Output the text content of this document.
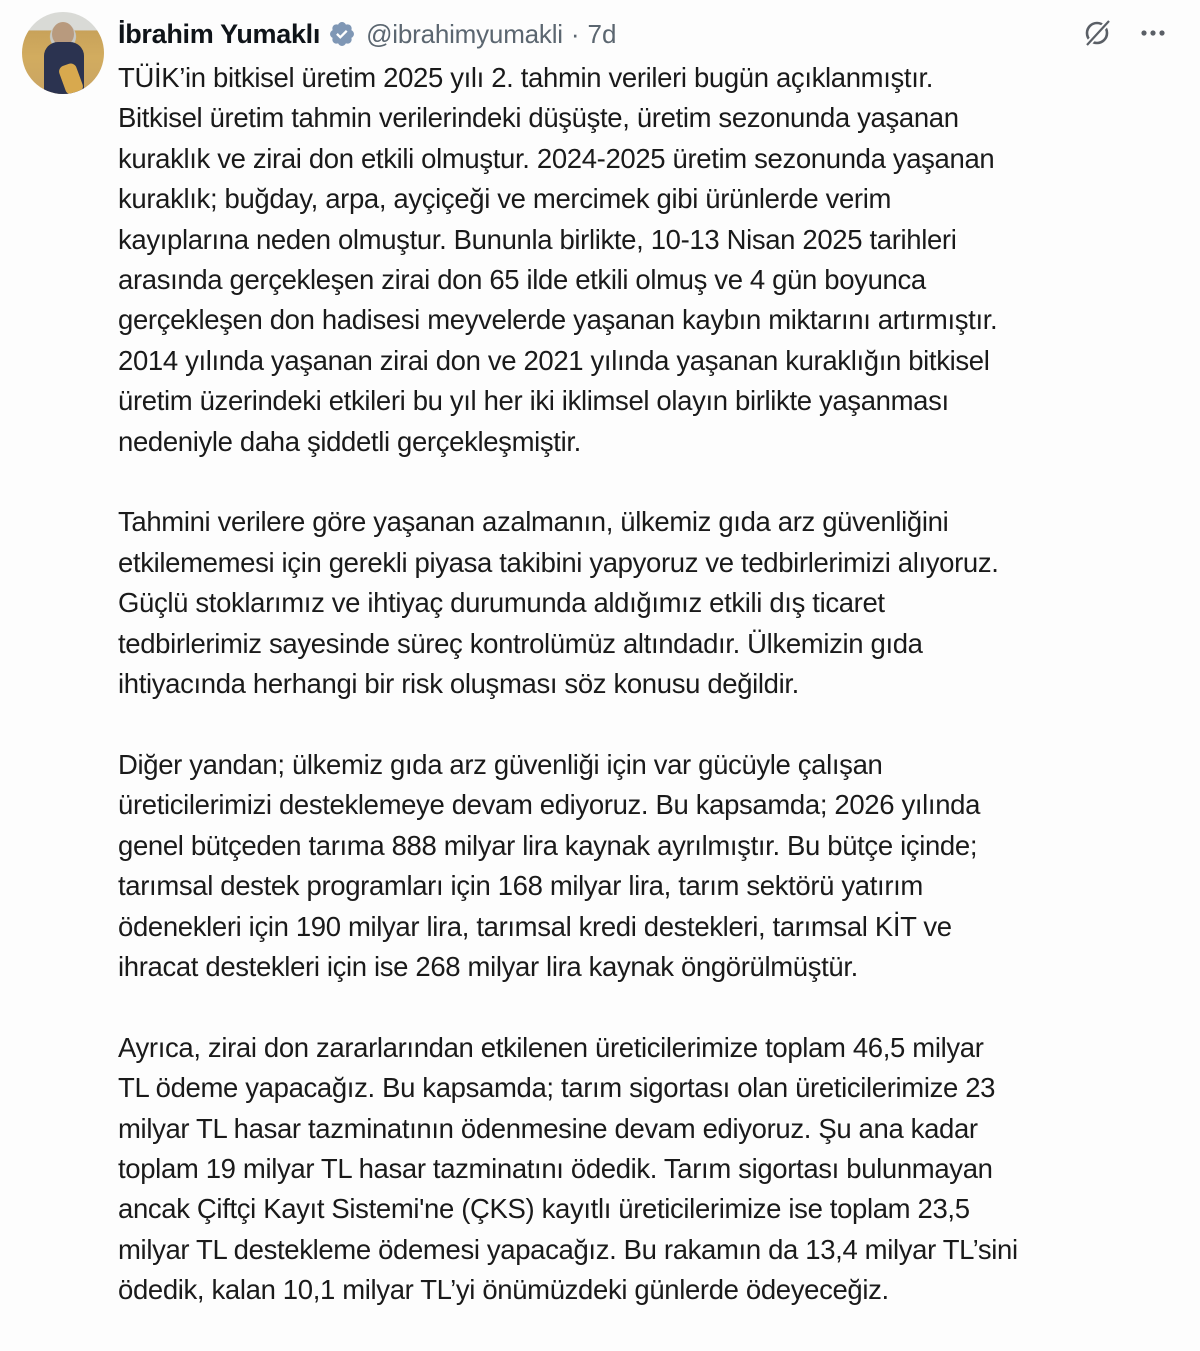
İbrahim Yumaklı @ibrahimyumakli · 7d
TÜİK’in bitkisel üretim 2025 yılı 2. tahmin verileri bugün açıklanmıştır.
Bitkisel üretim tahmin verilerindeki düşüşte, üretim sezonunda yaşanan
kuraklık ve zirai don etkili olmuştur. 2024-2025 üretim sezonunda yaşanan
kuraklık; buğday, arpa, ayçiçeği ve mercimek gibi ürünlerde verim
kayıplarına neden olmuştur. Bununla birlikte, 10-13 Nisan 2025 tarihleri
arasında gerçekleşen zirai don 65 ilde etkili olmuş ve 4 gün boyunca
gerçekleşen don hadisesi meyvelerde yaşanan kaybın miktarını artırmıştır.
2014 yılında yaşanan zirai don ve 2021 yılında yaşanan kuraklığın bitkisel
üretim üzerindeki etkileri bu yıl her iki iklimsel olayın birlikte yaşanması
nedeniyle daha şiddetli gerçekleşmiştir.
Tahmini verilere göre yaşanan azalmanın, ülkemiz gıda arz güvenliğini
etkilememesi için gerekli piyasa takibini yapyoruz ve tedbirlerimizi alıyoruz.
Güçlü stoklarımız ve ihtiyaç durumunda aldığımız etkili dış ticaret
tedbirlerimiz sayesinde süreç kontrolümüz altındadır. Ülkemizin gıda
ihtiyacında herhangi bir risk oluşması söz konusu değildir.
Diğer yandan; ülkemiz gıda arz güvenliği için var gücüyle çalışan
üreticilerimizi desteklemeye devam ediyoruz. Bu kapsamda; 2026 yılında
genel bütçeden tarıma 888 milyar lira kaynak ayrılmıştır. Bu bütçe içinde;
tarımsal destek programları için 168 milyar lira, tarım sektörü yatırım
ödenekleri için 190 milyar lira, tarımsal kredi destekleri, tarımsal KİT ve
ihracat destekleri için ise 268 milyar lira kaynak öngörülmüştür.
Ayrıca, zirai don zararlarından etkilenen üreticilerimize toplam 46,5 milyar
TL ödeme yapacağız. Bu kapsamda; tarım sigortası olan üreticilerimize 23
milyar TL hasar tazminatının ödenmesine devam ediyoruz. Şu ana kadar
toplam 19 milyar TL hasar tazminatını ödedik. Tarım sigortası bulunmayan
ancak Çiftçi Kayıt Sistemi'ne (ÇKS) kayıtlı üreticilerimize ise toplam 23,5
milyar TL destekleme ödemesi yapacağız. Bu rakamın da 13,4 milyar TL’sini
ödedik, kalan 10,1 milyar TL’yi önümüzdeki günlerde ödeyeceğiz.
